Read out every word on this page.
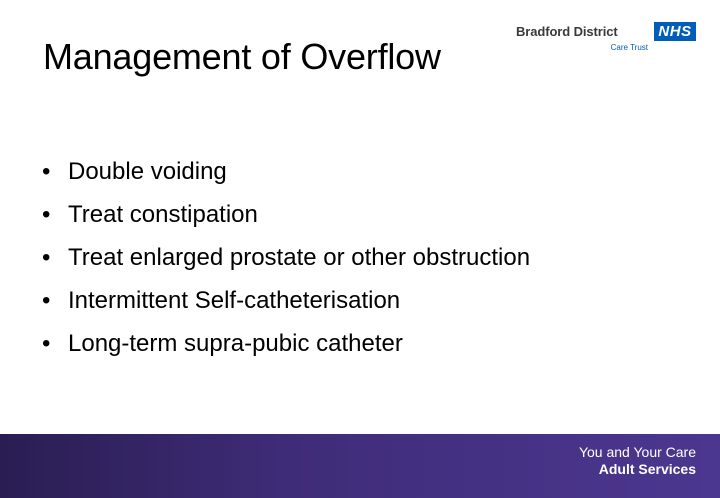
Management of Overflow
Bradford District	NHS
Care Trust
• Double voiding
• Treat constipation
• Treat enlarged prostate or other obstruction
• Intermittent Self-catheterisation
• Long-term supra-pubic catheter
You and Your Care
Adult Services
